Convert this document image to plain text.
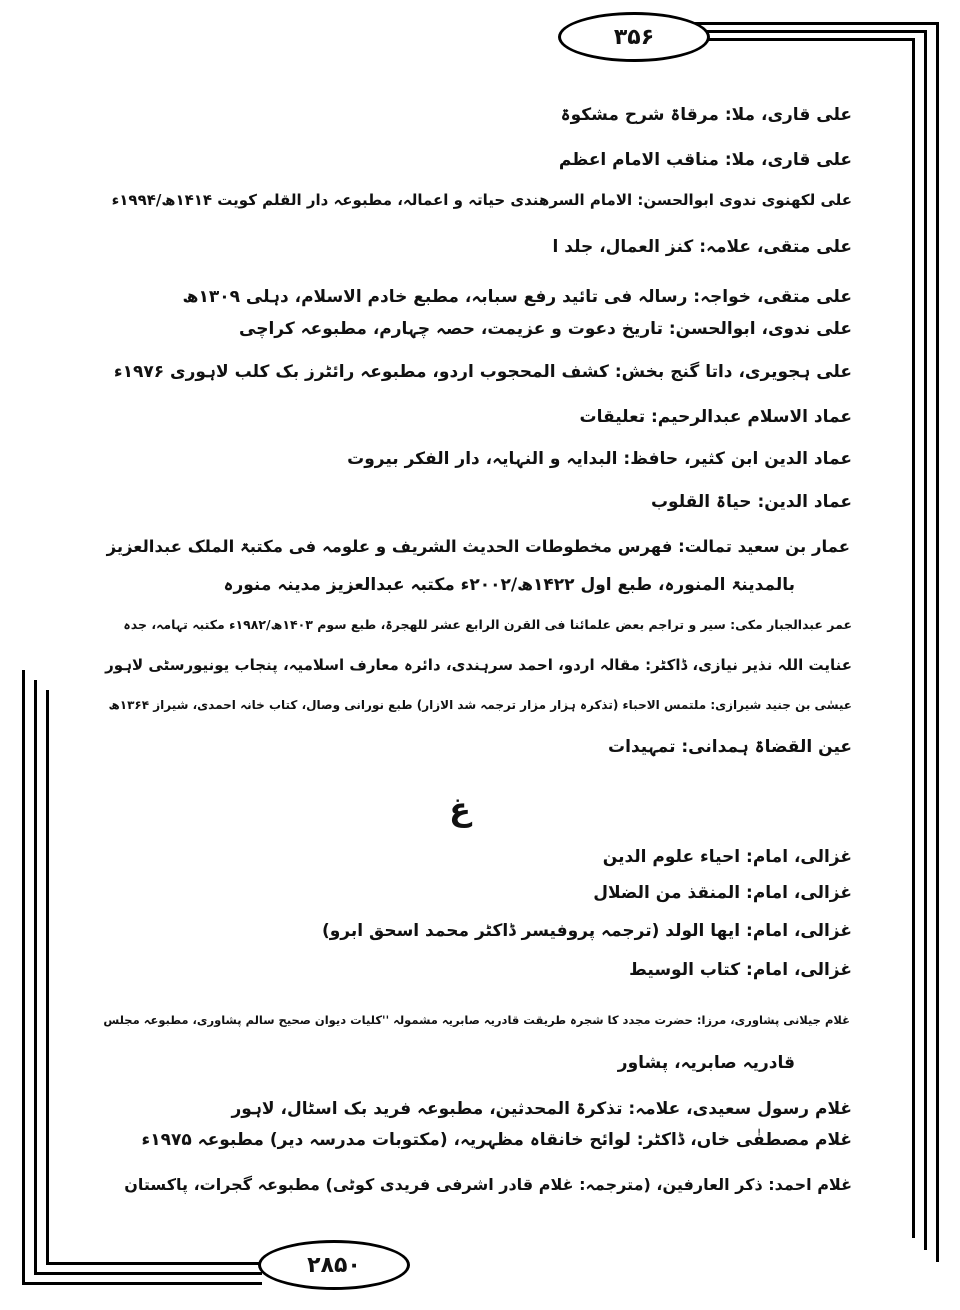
۳۵۶
۲۸۵۰
علی قاری، ملا: مرقاۃ شرح مشکوۃ
علی قاری، ملا: مناقب الامام اعظم
علی لکھنوی ندوی ابوالحسن: الامام السرھندی حیاتہ و اعمالہ، مطبوعہ دار القلم کویت ۱۴۱۴ھ/۱۹۹۴ء
علی متقی، علامہ: کنز العمال، جلد ا
علی متقی، خواجہ: رسالہ فی تائید رفع سبابہ، مطبع خادم الاسلام، دہلی ۱۳۰۹ھ
علی ندوی، ابوالحسن: تاریخ دعوت و عزیمت، حصہ چہارم، مطبوعہ کراچی
علی ہجویری، داتا گنج بخش: کشف المحجوب اردو، مطبوعہ رائٹرز بک کلب لاہوری ۱۹۷۶ء
عماد الاسلام عبدالرحیم: تعلیقات
عماد الدین ابن کثیر، حافظ: البدایہ و النہایہ، دار الفکر بیروت
عماد الدین: حیاۃ القلوب
عمار بن سعید تمالت: فھرس مخطوطات الحدیث الشریف و علومہ فی مکتبۃ الملک عبدالعزیز
بالمدینۃ المنورہ، طبع اول ۱۴۲۲ھ/۲۰۰۲ء مکتبہ عبدالعزیز مدینہ منورہ
عمر عبدالجبار مکی: سیر و تراجم بعض علمائنا فی القرن الرابع عشر للھجرۃ، طبع سوم ۱۴۰۳ھ/۱۹۸۲ء مکتبہ تہامہ، جدہ
عنایت اللہ نذیر نیازی، ڈاکٹر: مقالہ اردو، احمد سرہندی، دائرہ معارف اسلامیہ، پنجاب یونیورسٹی لاہور
عیسٰی بن جنید شیرازی: ملتمس الاحباء (تذکرہ ہزار مزار ترجمہ شد الازار) طبع نورانی وصال، کتاب خانہ احمدی، شیراز ۱۳۶۴ھ
عین القضاۃ ہمدانی: تمہیدات
غ
غزالی، امام: احیاء علوم الدین
غزالی، امام: المنقذ من الضلال
غزالی، امام: ایھا الولد (ترجمہ پروفیسر ڈاکٹر محمد اسحق ابرو)
غزالی، امام: کتاب الوسیط
غلام جیلانی پشاوری، مرزا: حضرت مجدد کا شجرہ طریقت قادریہ صابریہ مشمولہ ''کلیات دیوان صحیح سالم پشاوری، مطبوعہ مجلس
قادریہ صابریہ، پشاور
غلام رسول سعیدی، علامہ: تذکرۃ المحدثین، مطبوعہ فرید بک اسٹال، لاہور
غلام مصطفٰی خاں، ڈاکٹر: لوائح خانقاہ مظہریہ، (مکتوبات مدرسہ دیر) مطبوعہ ۱۹۷۵ء
غلام احمد: ذکر العارفین، (مترجمہ: غلام قادر اشرفی فریدی کوٹی) مطبوعہ گجرات، پاکستان
